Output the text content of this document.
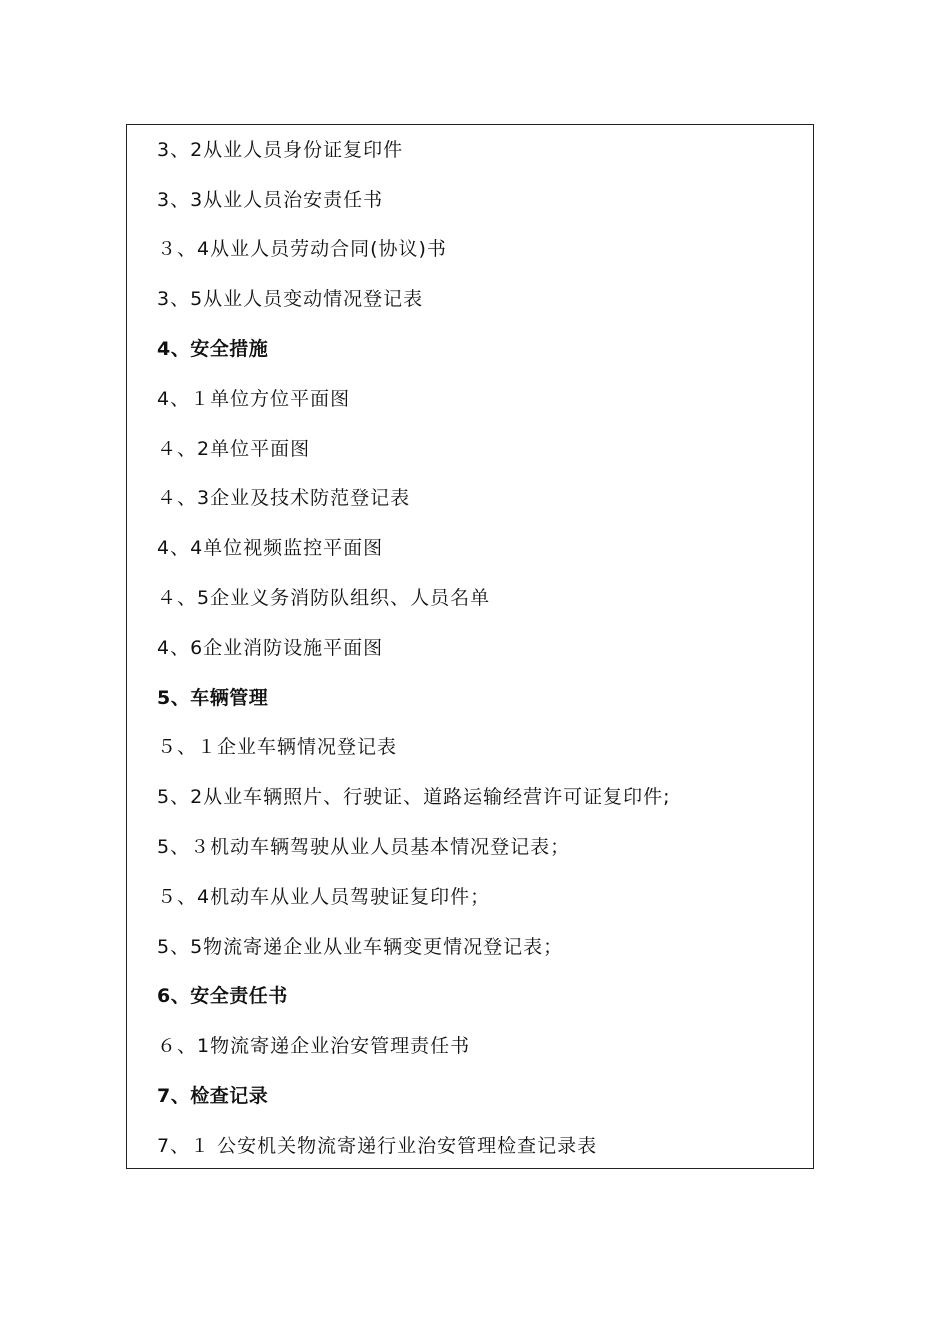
3、2从业人员身份证复印件
3、3从业人员治安责任书
３、4从业人员劳动合同(协议)书
3、5从业人员变动情况登记表
4、安全措施
4、１单位方位平面图
４、2单位平面图
４、3企业及技术防范登记表
4、4单位视频监控平面图
４、5企业义务消防队组织、人员名单
4、6企业消防设施平面图
5、车辆管理
５、１企业车辆情况登记表
5、2从业车辆照片、行驶证、道路运输经营许可证复印件;
5、３机动车辆驾驶从业人员基本情况登记表；
５、4机动车从业人员驾驶证复印件；
5、5物流寄递企业从业车辆变更情况登记表；
6、安全责任书
６、1物流寄递企业治安管理责任书
7、检查记录
7、１ 公安机关物流寄递行业治安管理检查记录表
